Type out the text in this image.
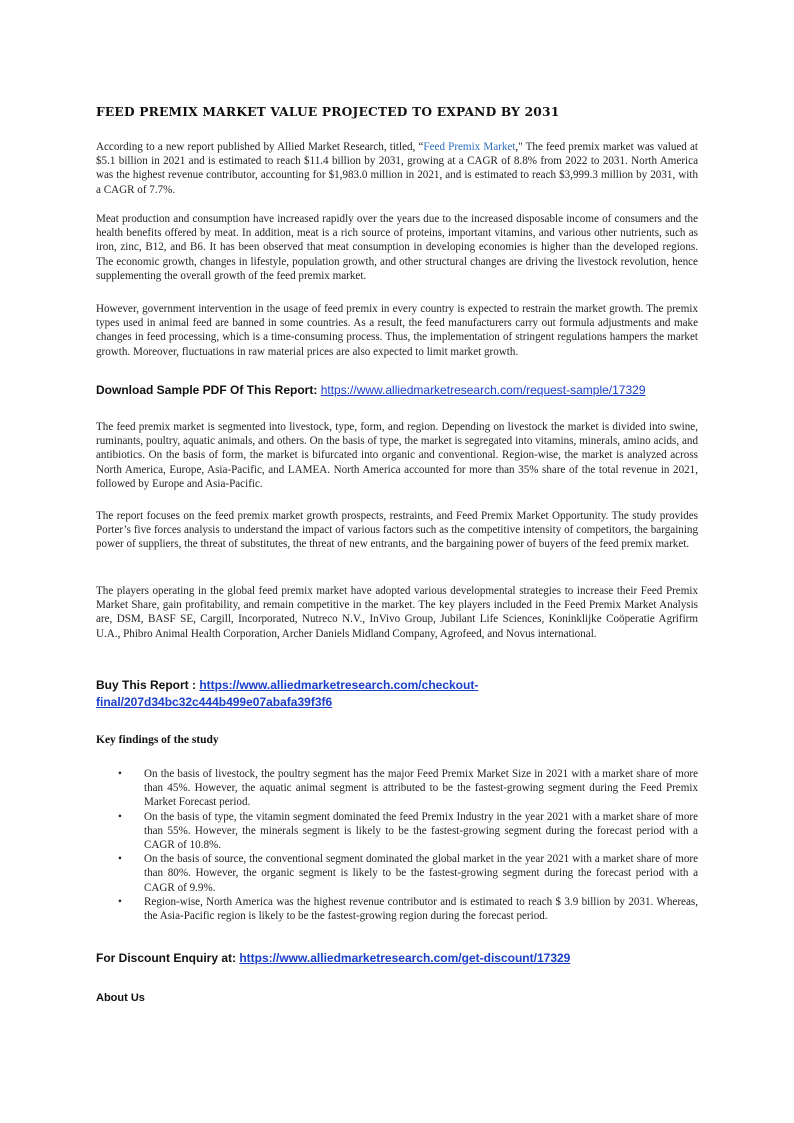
FEED PREMIX MARKET VALUE PROJECTED TO EXPAND BY 2031

According to a new report published by Allied Market Research, titled, “Feed Premix Market," The feed premix market was valued at $5.1 billion in 2021 and is estimated to reach $11.4 billion by 2031, growing at a CAGR of 8.8% from 2022 to 2031. North America was the highest revenue contributor, accounting for $1,983.0 million in 2021, and is estimated to reach $3,999.3 million by 2031, with a CAGR of 7.7%.

Meat production and consumption have increased rapidly over the years due to the increased disposable income of consumers and the health benefits offered by meat. In addition, meat is a rich source of proteins, important vitamins, and various other nutrients, such as iron, zinc, B12, and B6. It has been observed that meat consumption in developing economies is higher than the developed regions. The economic growth, changes in lifestyle, population growth, and other structural changes are driving the livestock revolution, hence supplementing the overall growth of the feed premix market.

However, government intervention in the usage of feed premix in every country is expected to restrain the market growth. The premix types used in animal feed are banned in some countries. As a result, the feed manufacturers carry out formula adjustments and make changes in feed processing, which is a time-consuming process. Thus, the implementation of stringent regulations hampers the market growth. Moreover, fluctuations in raw material prices are also expected to limit market growth.

Download Sample PDF Of This Report: https://www.alliedmarketresearch.com/request-sample/17329

The feed premix market is segmented into livestock, type, form, and region. Depending on livestock the market is divided into swine, ruminants, poultry, aquatic animals, and others. On the basis of type, the market is segregated into vitamins, minerals, amino acids, and antibiotics. On the basis of form, the market is bifurcated into organic and conventional. Region-wise, the market is analyzed across North America, Europe, Asia-Pacific, and LAMEA. North America accounted for more than 35% share of the total revenue in 2021, followed by Europe and Asia-Pacific.

The report focuses on the feed premix market growth prospects, restraints, and Feed Premix Market Opportunity. The study provides Porter’s five forces analysis to understand the impact of various factors such as the competitive intensity of competitors, the bargaining power of suppliers, the threat of substitutes, the threat of new entrants, and the bargaining power of buyers of the feed premix market.

The players operating in the global feed premix market have adopted various developmental strategies to increase their Feed Premix Market Share, gain profitability, and remain competitive in the market. The key players included in the Feed Premix Market Analysis are, DSM, BASF SE, Cargill, Incorporated, Nutreco N.V., InVivo Group, Jubilant Life Sciences, Koninklijke Coöperatie Agrifirm U.A., Phibro Animal Health Corporation, Archer Daniels Midland Company, Agrofeed, and Novus international.

Buy This Report : https://www.alliedmarketresearch.com/checkout-
final/207d34bc32c444b499e07abafa39f3f6
Key findings of the study
• On the basis of livestock, the poultry segment has the major Feed Premix Market Size in 2021 with a market share of more than 45%. However, the aquatic animal segment is attributed to be the fastest-growing segment during the Feed Premix Market Forecast period.
• On the basis of type, the vitamin segment dominated the feed Premix Industry in the year 2021 with a market share of more than 55%. However, the minerals segment is likely to be the fastest-growing segment during the forecast period with a CAGR of 10.8%.
• On the basis of source, the conventional segment dominated the global market in the year 2021 with a market share of more than 80%. However, the organic segment is likely to be the fastest-growing segment during the forecast period with a CAGR of 9.9%.
• Region-wise, North America was the highest revenue contributor and is estimated to reach $ 3.9 billion by 2031. Whereas, the Asia-Pacific region is likely to be the fastest-growing region during the forecast period.
For Discount Enquiry at: https://www.alliedmarketresearch.com/get-discount/17329
About Us
